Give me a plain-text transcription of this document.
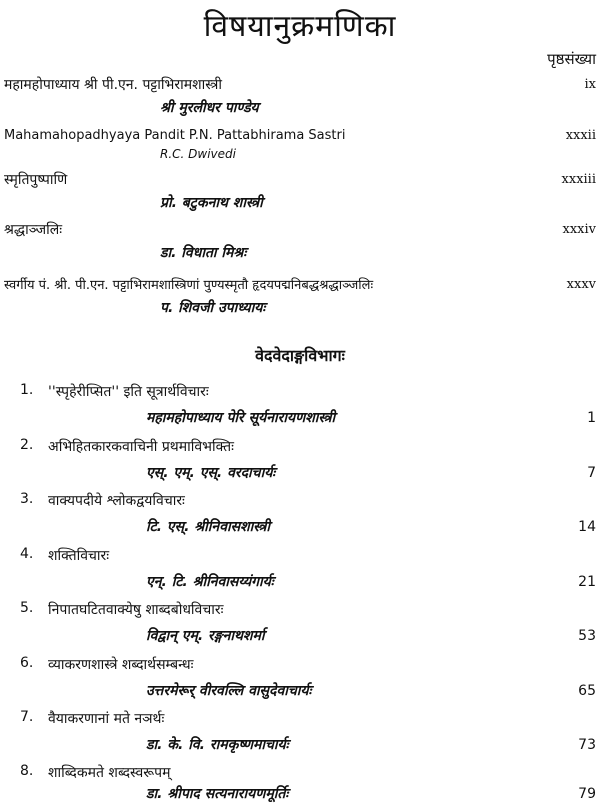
विषयानुक्रमणिका
पृष्ठसंख्या
महामहोपाध्याय श्री पी.एन. पट्टाभिरामशास्त्री	ix
श्री मुरलीधर पाण्डेय
Mahamahopadhyaya Pandit P.N. Pattabhirama Sastri	xxxii
R.C. Dwivedi
स्मृतिपुष्पाणि	xxxiii
प्रो. बटुकनाथ शास्त्री
श्रद्धाञ्जलिः	xxxiv
डा. विधाता मिश्रः
स्वर्गीय पं. श्री. पी.एन. पट्टाभिरामशास्त्रिणां पुण्यस्मृतौ हृदयपद्मनिबद्धश्रद्धाञ्जलिः	xxxv
प. शिवजी उपाध्यायः
वेदवेदाङ्गविभागः
1. ''स्पृहेरीप्सित'' इति सूत्रार्थविचारः
महामहोपाध्याय पेरि सूर्यनारायणशास्त्री	1
2. अभिहितकारकवाचिनी प्रथमाविभक्तिः
एस्. एम्. एस्. वरदाचार्यः	7
3. वाक्यपदीये श्लोकद्वयविचारः
टि. एस्. श्रीनिवासशास्त्री	14
4. शक्तिविचारः
एन्. टि. श्रीनिवासय्यंगार्यः	21
5. निपातघटितवाक्येषु शाब्दबोधविचारः
विद्वान् एम्. रङ्गनाथशर्मा	53
6. व्याकरणशास्त्रे शब्दार्थसम्बन्धः
उत्तरमेरूर् वीरवल्लि वासुदेवाचार्यः	65
7. वैयाकरणानां मते नञर्थः
डा. के. वि. रामकृष्णमाचार्यः	73
8. शाब्दिकमते शब्दस्वरूपम्
डा. श्रीपाद सत्यनारायणमूर्तिः	79
